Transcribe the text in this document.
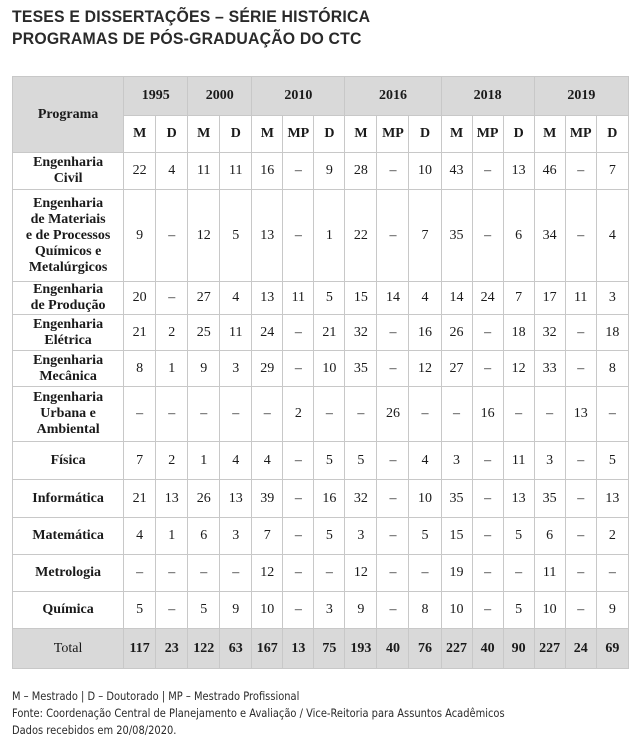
TESES E DISSERTAÇÕES – SÉRIE HISTÓRICA
PROGRAMAS DE PÓS-GRADUAÇÃO DO CTC
Programa	1995		2000		2010			2016			2018			2019		
	M	D	M	D	M	MP	D	M	MP	D	M	MP	D	M	MP	D

Engenharia
Civil	22	4	11	11	16	–	9	28	–	10	43	–	13	46	–	7

Engenharia
de Materiais
e de Processos
Químicos e
Metalúrgicos	9	–	12	5	13	–	1	22	–	7	35	–	6	34	–	4

Engenharia
de Produção	20	–	27	4	13	11	5	15	14	4	14	24	7	17	11	3

Engenharia
Elétrica	21	2	25	11	24	–	21	32	–	16	26	–	18	32	–	18

Engenharia
Mecânica	8	1	9	3	29	–	10	35	–	12	27	–	12	33	–	8

Engenharia
Urbana e
Ambiental	–	–	–	–	–	2	–	–	26	–	–	16	–	–	13	–

Física	7	2	1	4	4	–	5	5	–	4	3	–	11	3	–	5

Informática	21	13	26	13	39	–	16	32	–	10	35	–	13	35	–	13

Matemática	4	1	6	3	7	–	5	3	–	5	15	–	5	6	–	2

Metrologia	–	–	–	–	12	–	–	12	–	–	19	–	–	11	–	–

Química	5	–	5	9	10	–	3	9	–	8	10	–	5	10	–	9
Total	117	23	122	63	167	13	75	193	40	76	227	40	90	227	24	69
M – Mestrado | D – Doutorado | MP – Mestrado Profissional
Fonte: Coordenação Central de Planejamento e Avaliação / Vice-Reitoria para Assuntos Acadêmicos
Dados recebidos em 20/08/2020.
